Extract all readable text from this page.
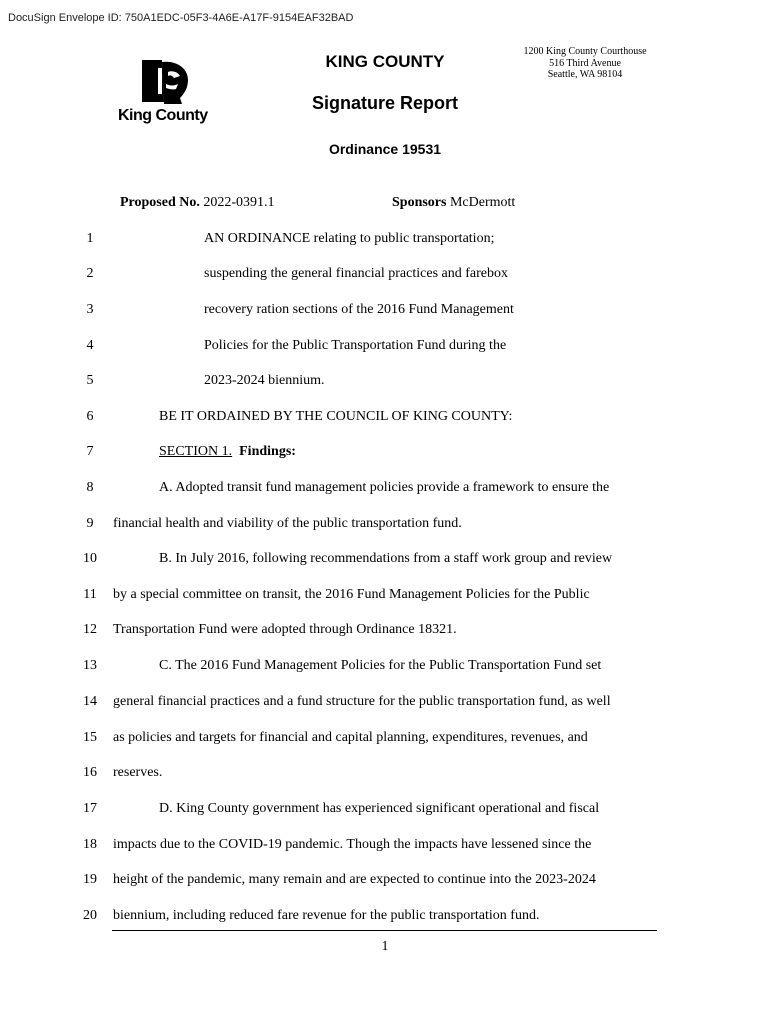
DocuSign Envelope ID: 750A1EDC-05F3-4A6E-A17F-9154EAF32BAD
King County
KING COUNTY
Signature Report
Ordinance 19531
1200 King County Courthouse
516 Third Avenue
Seattle, WA 98104
Proposed No. 2022-0391.1	Sponsors McDermott
1	AN ORDINANCE relating to public transportation;
2	suspending the general financial practices and farebox
3	recovery ration sections of the 2016 Fund Management
4	Policies for the Public Transportation Fund during the
5	2023-2024 biennium.
6	BE IT ORDAINED BY THE COUNCIL OF KING COUNTY:
7	SECTION 1. Findings:
8	A. Adopted transit fund management policies provide a framework to ensure the
9	financial health and viability of the public transportation fund.
10	B. In July 2016, following recommendations from a staff work group and review
11	by a special committee on transit, the 2016 Fund Management Policies for the Public
12	Transportation Fund were adopted through Ordinance 18321.
13	C. The 2016 Fund Management Policies for the Public Transportation Fund set
14	general financial practices and a fund structure for the public transportation fund, as well
15	as policies and targets for financial and capital planning, expenditures, revenues, and
16	reserves.
17	D. King County government has experienced significant operational and fiscal
18	impacts due to the COVID-19 pandemic. Though the impacts have lessened since the
19	height of the pandemic, many remain and are expected to continue into the 2023-2024
20	biennium, including reduced fare revenue for the public transportation fund.
1
